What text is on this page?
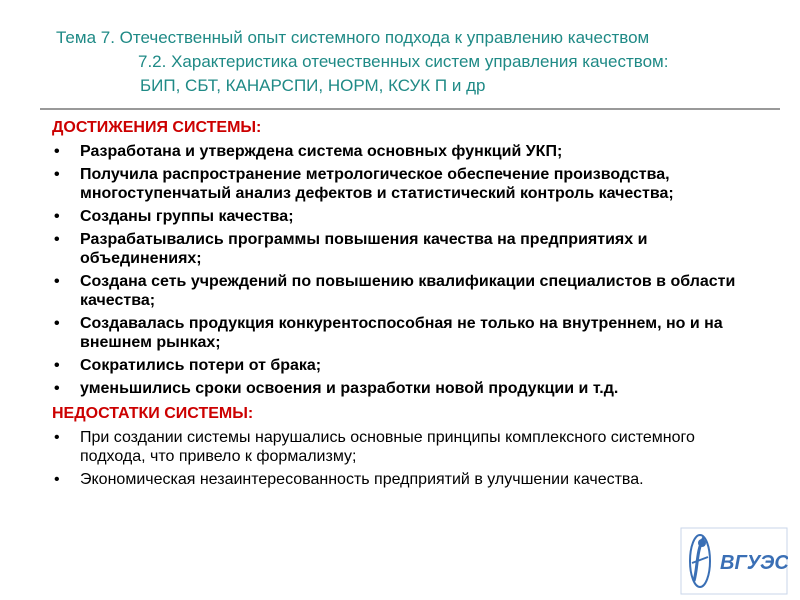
Тема 7. Отечественный опыт системного подхода к управлению качеством
7.2. Характеристика отечественных систем управления качеством:
БИП, СБТ, КАНАРСПИ, НОРМ, КСУК П и др
ДОСТИЖЕНИЯ СИСТЕМЫ:
• Разработана и утверждена система основных функций УКП;
• Получила распространение метрологическое обеспечение производства, многоступенчатый анализ дефектов и статистический контроль качества;
• Созданы группы качества;
• Разрабатывались программы повышения качества на предприятиях и объединениях;
• Создана сеть учреждений по повышению квалификации специалистов в области качества;
• Создавалась продукция конкурентоспособная не только на внутреннем, но и на внешнем рынках;
• Сократились потери от брака;
• уменьшились сроки освоения и разработки новой продукции и т.д.
НЕДОСТАТКИ СИСТЕМЫ:
• При создании системы нарушались основные принципы комплексного системного подхода, что привело к формализму;
• Экономическая незаинтересованность предприятий в улучшении качества.
ВГУЭС
